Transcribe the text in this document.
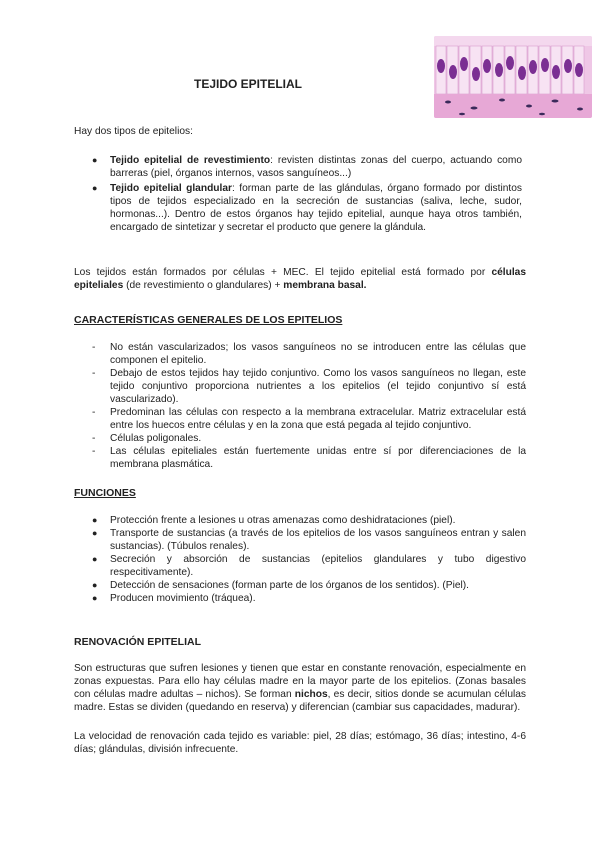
TEJIDO EPITELIAL
Hay dos tipos de epitelios:
● Tejido epitelial de revestimiento: revisten distintas zonas del cuerpo, actuando como barreras (piel, órganos internos, vasos sanguíneos...)
● Tejido epitelial glandular: forman parte de las glándulas, órgano formado por distintos tipos de tejidos especializado en la secreción de sustancias (saliva, leche, sudor, hormonas...). Dentro de estos órganos hay tejido epitelial, aunque haya otros también, encargado de sintetizar y secretar el producto que genere la glándula.
Los tejidos están formados por células + MEC. El tejido epitelial está formado por células epiteliales (de revestimiento o glandulares) + membrana basal.
CARACTERÍSTICAS GENERALES DE LOS EPITELIOS
- No están vascularizados; los vasos sanguíneos no se introducen entre las células que componen el epitelio.
- Debajo de estos tejidos hay tejido conjuntivo. Como los vasos sanguíneos no llegan, este tejido conjuntivo proporciona nutrientes a los epitelios (el tejido conjuntivo sí está vascularizado).
- Predominan las células con respecto a la membrana extracelular. Matriz extracelular está entre los huecos entre células y en la zona que está pegada al tejido conjuntivo.
- Células poligonales.
- Las células epiteliales están fuertemente unidas entre sí por diferenciaciones de la membrana plasmática.
FUNCIONES
● Protección frente a lesiones u otras amenazas como deshidrataciones (piel).
● Transporte de sustancias (a través de los epitelios de los vasos sanguíneos entran y salen sustancias). (Túbulos renales).
● Secreción y absorción de sustancias (epitelios glandulares y tubo digestivo respecitivamente).
● Detección de sensaciones (forman parte de los órganos de los sentidos). (Piel).
● Producen movimiento (tráquea).
RENOVACIÓN EPITELIAL
Son estructuras que sufren lesiones y tienen que estar en constante renovación, especialmente en zonas expuestas. Para ello hay células madre en la mayor parte de los epitelios. (Zonas basales con células madre adultas – nichos). Se forman nichos, es decir, sitios donde se acumulan células madre. Estas se dividen (quedando en reserva) y diferencian (cambiar sus capacidades, madurar).
La velocidad de renovación cada tejido es variable: piel, 28 días; estómago, 36 días; intestino, 4-6 días; glándulas, división infrecuente.
